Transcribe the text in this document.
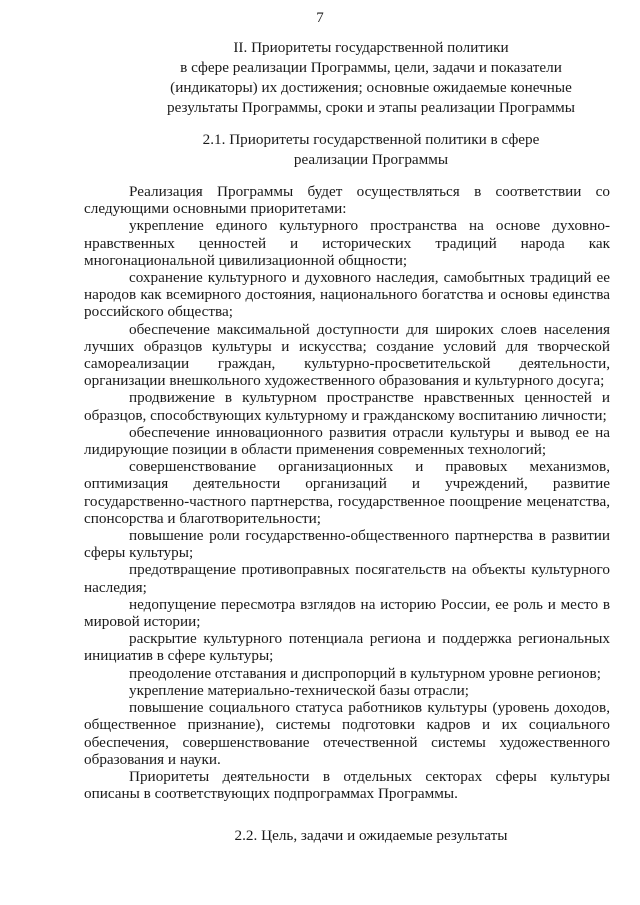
7
II. Приоритеты государственной политики
в сфере реализации Программы, цели, задачи и показатели
(индикаторы) их достижения; основные ожидаемые конечные
результаты Программы, сроки и этапы реализации Программы
2.1. Приоритеты государственной политики в сфере
реализации Программы

Реализация Программы будет осуществляться в соответствии со следующими основными приоритетами:

укрепление единого культурного пространства на основе духовно-нравственных ценностей и исторических традиций народа как многонациональной цивилизационной общности;

сохранение культурного и духовного наследия, самобытных традиций ее народов как всемирного достояния, национального богатства и основы единства российского общества;

обеспечение максимальной доступности для широких слоев населения лучших образцов культуры и искусства; создание условий для творческой самореализации граждан, культурно-просветительской деятельности, организации внешкольного художественного образования и культурного досуга;

продвижение в культурном пространстве нравственных ценностей и образцов, способствующих культурному и гражданскому воспитанию личности;

обеспечение инновационного развития отрасли культуры и вывод ее на лидирующие позиции в области применения современных технологий;

совершенствование организационных и правовых механизмов, оптимизация деятельности организаций и учреждений, развитие государственно-частного партнерства, государственное поощрение меценатства, спонсорства и благотворительности;

повышение роли государственно-общественного партнерства в развитии сферы культуры;

предотвращение противоправных посягательств на объекты культурного наследия;

недопущение пересмотра взглядов на историю России, ее роль и место в мировой истории;

раскрытие культурного потенциала региона и поддержка региональных инициатив в сфере культуры;

преодоление отставания и диспропорций в культурном уровне регионов;

укрепление материально-технической базы отрасли;

повышение социального статуса работников культуры (уровень доходов, общественное признание), системы подготовки кадров и их социального обеспечения, совершенствование отечественной системы художественного образования и науки.

Приоритеты деятельности в отдельных секторах сферы культуры описаны в соответствующих подпрограммах Программы.

2.2. Цель, задачи и ожидаемые результаты
